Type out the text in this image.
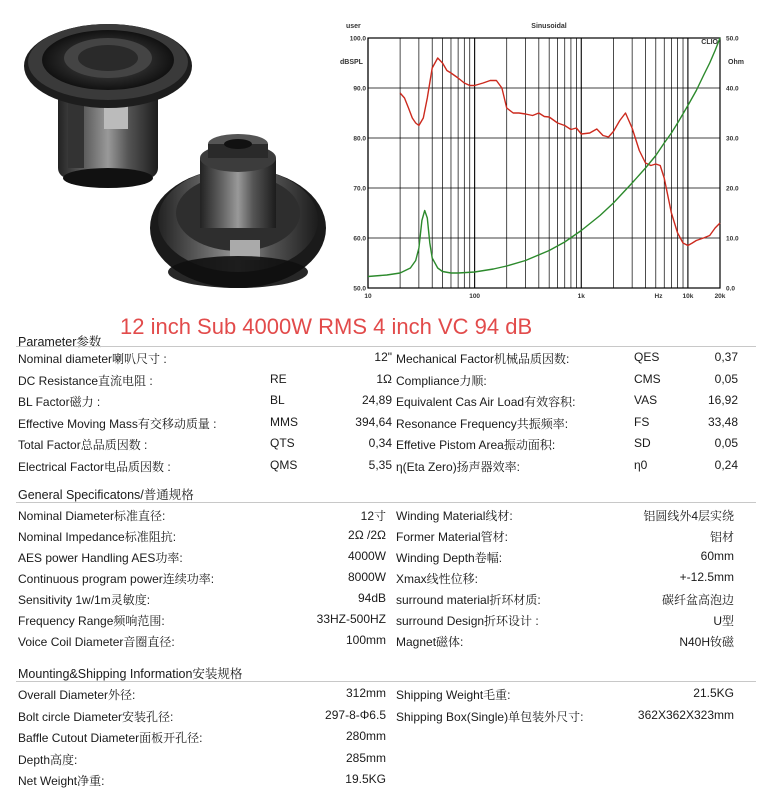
50.0
60.0
70.0
80.0
90.0
100.0
0.0
10.0
20.0
30.0
40.0
50.0
10	100	1k	Hz	10k	20k
user	Sinusoidal
dBSPL	Ohm
CLIO
12 inch Sub 4000W RMS 4 inch VC 94 dB
Parameter参数
Nominal diameter喇叭尺寸 :	12" Mechanical Factor机械品质因数:	QES	0,37
DC Resistance直流电阻 :	RE	1Ω Compliance力顺:	CMS	0,05
BL Factor磁力 :	BL	24,89 Equivalent Cas Air Load有效容积:	VAS	16,92
Effective Moving Mass有交移动质量 :	MMS	394,64 Resonance Frequency共振频率:	FS	33,48
Total Factor总品质因数 :	QTS	0,34 Effetive Pistom Area振动面积:	SD	0,05
Electrical Factor电品质因数 :	QMS	5,35 η(Eta Zero)扬声器效率:	η0	0,24
General Specificatons/普通规格
Nominal Diameter标准直径:	12寸 Winding Material线材:	铝圆线外4层实绕
Nominal Impedance标准阻抗:	2Ω /2Ω Former Material管材:	铝材
AES power Handling AES功率:	4000W Winding Depth卷幅:	60mm
Continuous program power连续功率:	8000W Xmax线性位移:	+-12.5mm
Sensitivity 1w/1m灵敏度:	94dB surround material折环材质:	碳纤盆高泡边
Frequency Range频响范围:	33HZ-500HZ surround Design折环设计 :	U型
Voice Coil Diameter音圈直径:	100mm Magnet磁体:	N40H钕磁
Mounting&Shipping Information安装规格
Overall Diameter外径:	312mm Shipping Weight毛重:	21.5KG
Bolt circle Diameter安装孔径:	297-8-Φ6.5 Shipping Box(Single)单包装外尺寸:	362X362X323mm
Baffle Cutout Diameter面板开孔径:	280mm
Depth高度:	285mm
Net Weight净重:	19.5KG
